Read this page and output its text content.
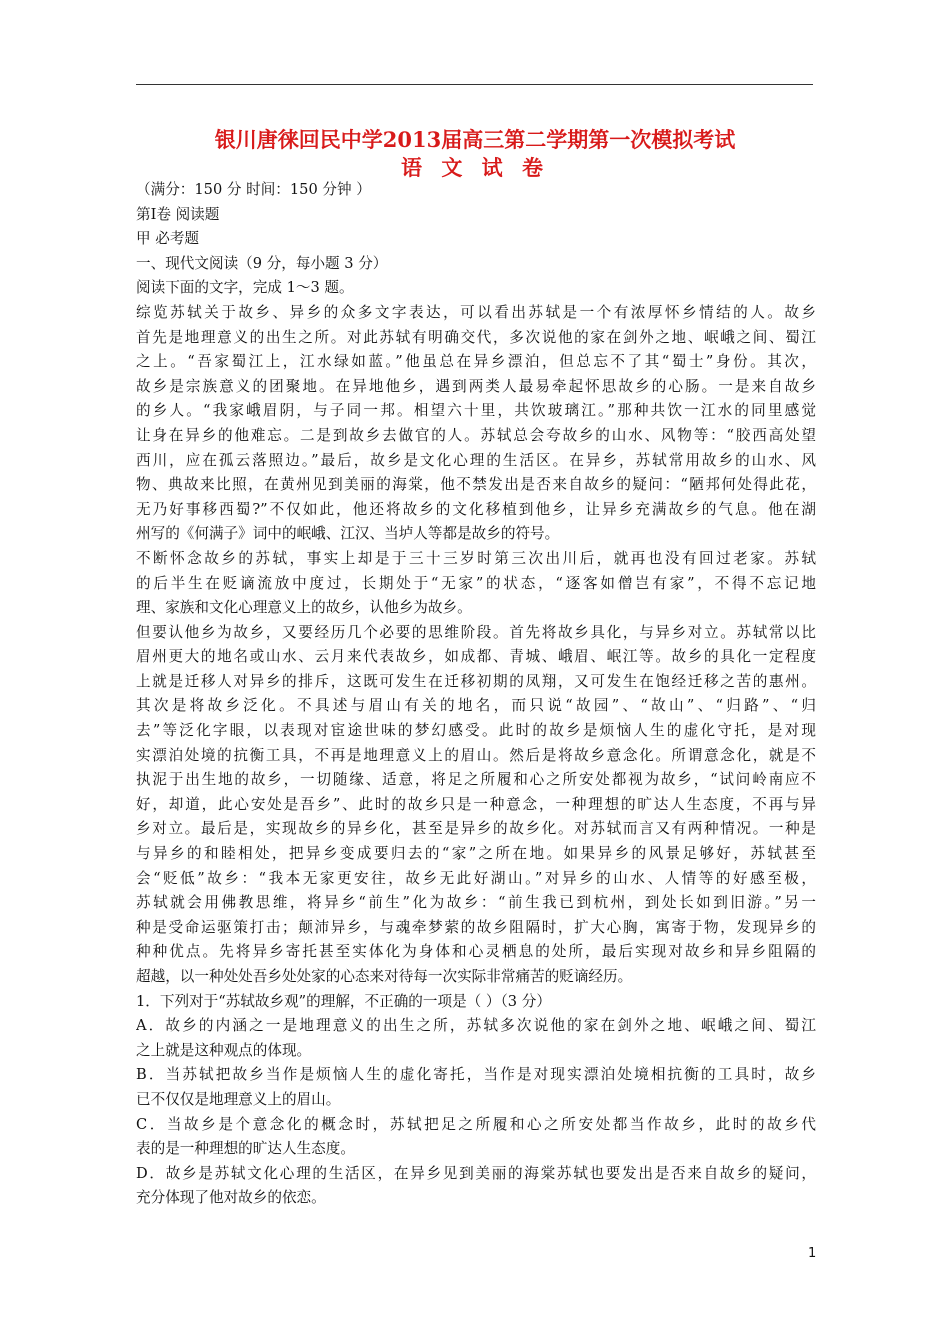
银川唐徕回民中学2013届高三第二学期第一次模拟考试
语 文 试 卷
（满分：150 分 时间：150 分钟 ）
第Ⅰ卷 阅读题
甲 必考题
一、现代文阅读（9 分，每小题 3 分）
阅读下面的文字，完成 1～3 题。
综览苏轼关于故乡、异乡的众多文字表达，可以看出苏轼是一个有浓厚怀乡情结的人。故乡
首先是地理意义的出生之所。对此苏轼有明确交代，多次说他的家在剑外之地、岷峨之间、蜀江
之上。“吾家蜀江上，江水绿如蓝。”他虽总在异乡漂泊，但总忘不了其“蜀士”身份。其次，
故乡是宗族意义的团聚地。在异地他乡，遇到两类人最易牵起怀思故乡的心肠。一是来自故乡
的乡人。“我家峨眉阴，与子同一邦。相望六十里，共饮玻璃江。”那种共饮一江水的同里感觉
让身在异乡的他难忘。二是到故乡去做官的人。苏轼总会夸故乡的山水、风物等：“胶西高处望
西川，应在孤云落照边。”最后，故乡是文化心理的生活区。在异乡，苏轼常用故乡的山水、风
物、典故来比照，在黄州见到美丽的海棠，他不禁发出是否来自故乡的疑问：“陋邦何处得此花，
无乃好事移西蜀?”不仅如此，他还将故乡的文化移植到他乡，让异乡充满故乡的气息。他在湖
州写的《何满子》词中的岷峨、江汉、当垆人等都是故乡的符号。
不断怀念故乡的苏轼，事实上却是于三十三岁时第三次出川后，就再也没有回过老家。苏轼
的后半生在贬谪流放中度过，长期处于“无家”的状态，“逐客如僧岂有家”，不得不忘记地
理、家族和文化心理意义上的故乡，认他乡为故乡。
但要认他乡为故乡，又要经历几个必要的思维阶段。首先将故乡具化，与异乡对立。苏轼常以比
眉州更大的地名或山水、云月来代表故乡，如成都、青城、峨眉、岷江等。故乡的具化一定程度
上就是迁移人对异乡的排斥，这既可发生在迁移初期的凤翔，又可发生在饱经迁移之苦的惠州。
其次是将故乡泛化。不具述与眉山有关的地名，而只说“故园”、“故山”、“归路”、“归
去”等泛化字眼，以表现对宦途世味的梦幻感受。此时的故乡是烦恼人生的虚化守托，是对现
实漂泊处境的抗衡工具，不再是地理意义上的眉山。然后是将故乡意念化。所谓意念化，就是不
执泥于出生地的故乡，一切随缘、适意，将足之所履和心之所安处都视为故乡，“试问岭南应不
好，却道，此心安处是吾乡”、此时的故乡只是一种意念，一种理想的旷达人生态度，不再与异
乡对立。最后是，实现故乡的异乡化，甚至是异乡的故乡化。对苏轼而言又有两种情况。一种是
与异乡的和睦相处，把异乡变成要归去的“家”之所在地。如果异乡的风景足够好，苏轼甚至
会“贬低”故乡：“我本无家更安往，故乡无此好湖山。”对异乡的山水、人情等的好感至极，
苏轼就会用佛教思维，将异乡“前生”化为故乡：“前生我已到杭州，到处长如到旧游。”另一
种是受命运驱策打击；颠沛异乡，与魂牵梦萦的故乡阻隔时，扩大心胸，寓寄于物，发现异乡的
种种优点。先将异乡寄托甚至实体化为身体和心灵栖息的处所，最后实现对故乡和异乡阻隔的
超越，以一种处处吾乡处处家的心态来对待每一次实际非常痛苦的贬谪经历。
1．下列对于“苏轼故乡观”的理解，不正确的一项是（ ）（3 分）
A．故乡的内涵之一是地理意义的出生之所，苏轼多次说他的家在剑外之地、岷峨之间、蜀江
之上就是这种观点的体现。
B．当苏轼把故乡当作是烦恼人生的虚化寄托，当作是对现实漂泊处境相抗衡的工具时，故乡
已不仅仅是地理意义上的眉山。
C．当故乡是个意念化的概念时，苏轼把足之所履和心之所安处都当作故乡，此时的故乡代
表的是一种理想的旷达人生态度。
D．故乡是苏轼文化心理的生活区，在异乡见到美丽的海棠苏轼也要发出是否来自故乡的疑问，
充分体现了他对故乡的依恋。
1
